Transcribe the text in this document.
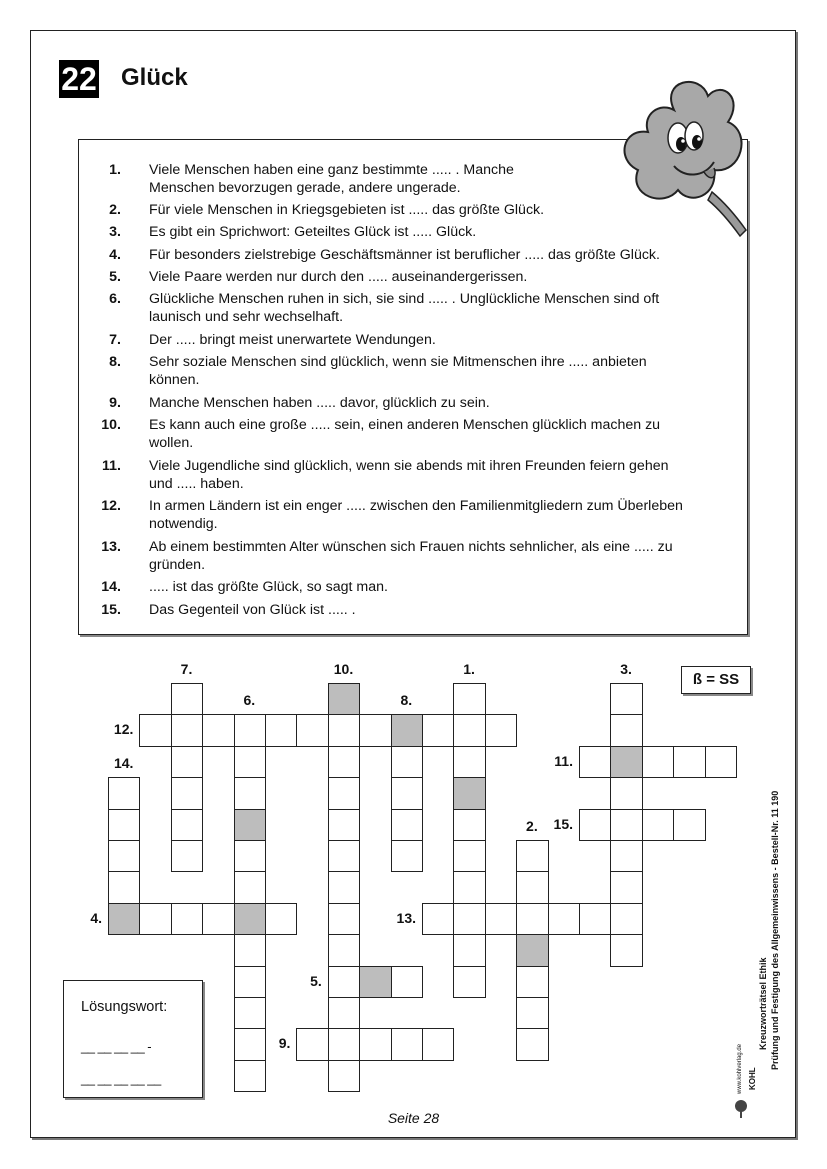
22 Glück
1. Viele Menschen haben eine ganz bestimmte ..... . Manche
Menschen bevorzugen gerade, andere ungerade.
2. Für viele Menschen in Kriegsgebieten ist ..... das größte Glück.
3. Es gibt ein Sprichwort: Geteiltes Glück ist ..... Glück.
4. Für besonders zielstrebige Geschäftsmänner ist beruflicher ..... das größte Glück.
5. Viele Paare werden nur durch den ..... auseinandergerissen.
6. Glückliche Menschen ruhen in sich, sie sind ..... . Unglückliche Menschen sind oft
launisch und sehr wechselhaft.
7. Der ..... bringt meist unerwartete Wendungen.
8. Sehr soziale Menschen sind glücklich, wenn sie Mitmenschen ihre ..... anbieten
können.
9. Manche Menschen haben ..... davor, glücklich zu sein.
10. Es kann auch eine große ..... sein, einen anderen Menschen glücklich machen zu
wollen.
11. Viele Jugendliche sind glücklich, wenn sie abends mit ihren Freunden feiern gehen
und ..... haben.
12. In armen Ländern ist ein enger ..... zwischen den Familienmitgliedern zum Überleben
notwendig.
13. Ab einem bestimmten Alter wünschen sich Frauen nichts sehnlicher, als eine ..... zu
gründen.
14. ..... ist das größte Glück, so sagt man.
15. Das Gegenteil von Glück ist ..... .
1.
2.
3.
4.
5.
6.
7.
8.
9.
10.
11.
12.
13.
14.
15.
ß = SS
Lösungswort:
__ __ __ __ -
__ __ __ __ __
Seite 28
Kreuzworträtsel Ethik Prüfung und Festigung des Allgemeinwissens - Bestell-Nr. 11 190
KOHL
www.kohlverlag.de
